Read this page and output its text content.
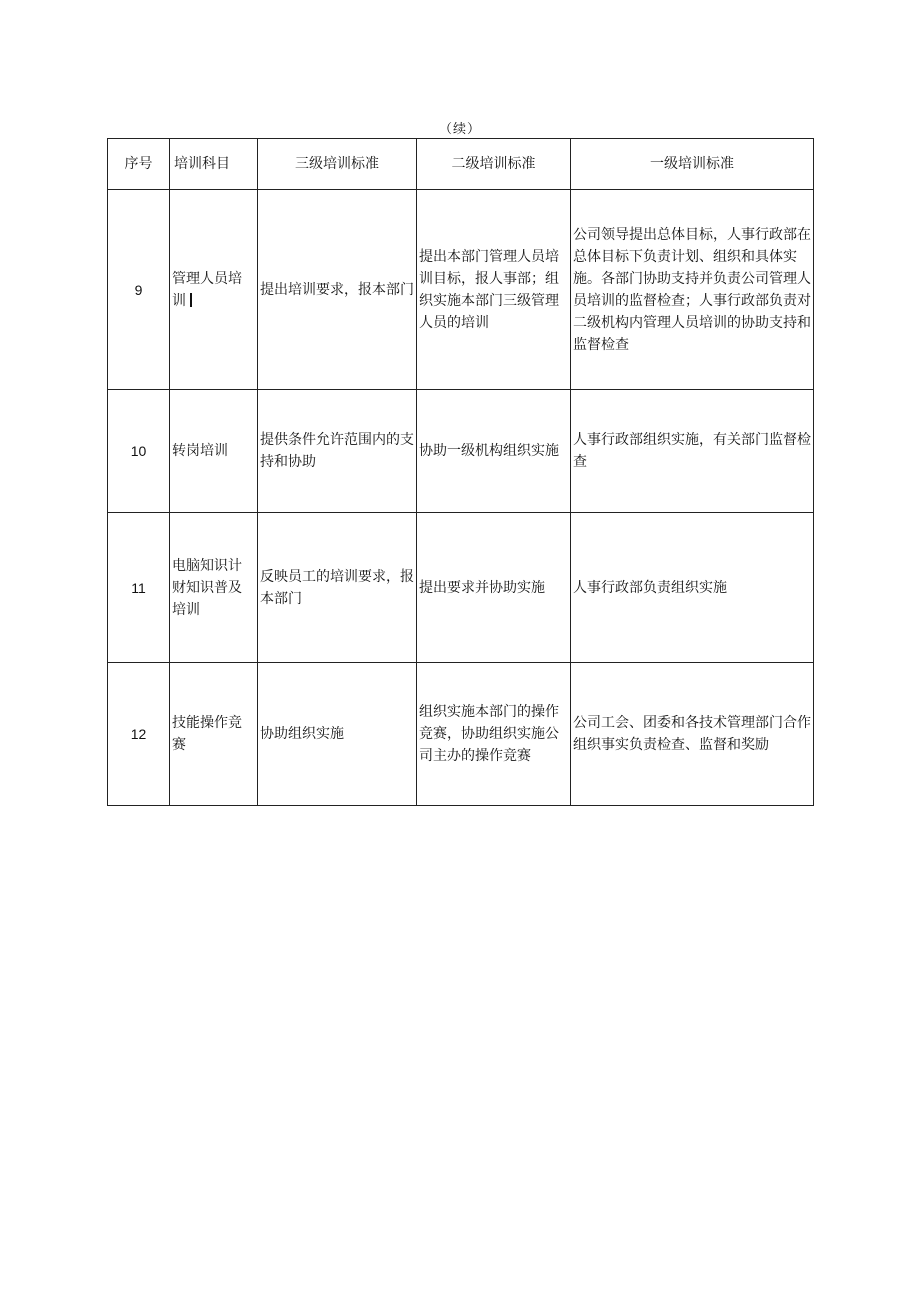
（续）
序号	培训科目	三级培训标准	二级培训标准	一级培训标准
9	管理人员培训	提出培训要求，报本部门	提出本部门管理人员培训目标，报人事部；组织实施本部门三级管理人员的培训	公司领导提出总体目标，人事行政部在总体目标下负责计划、组织和具体实施。各部门协助支持并负责公司管理人员培训的监督检查；人事行政部负责对二级机构内管理人员培训的协助支持和监督检查
10	转岗培训	提供条件允许范围内的支持和协助	协助一级机构组织实施	人事行政部组织实施，有关部门监督检查
11	电脑知识计财知识普及培训	反映员工的培训要求，报本部门	提出要求并协助实施	人事行政部负责组织实施
12	技能操作竞赛	协助组织实施	组织实施本部门的操作竞赛，协助组织实施公司主办的操作竞赛	公司工会、团委和各技术管理部门合作组织事实负责检查、监督和奖励
